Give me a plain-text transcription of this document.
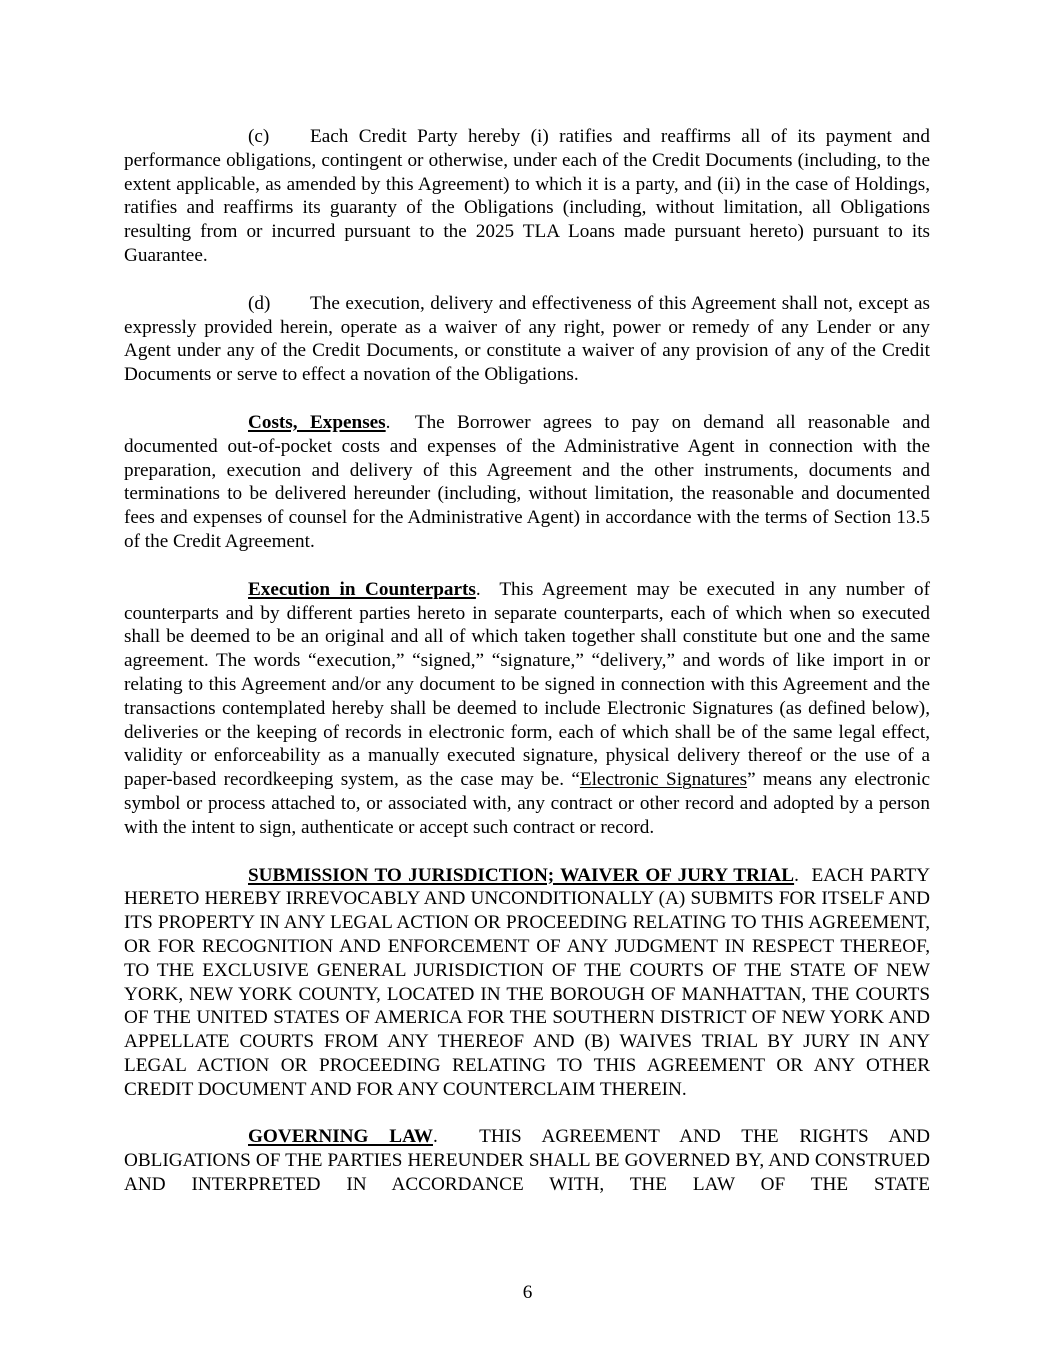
(c) Each Credit Party hereby (i) ratifies and reaffirms all of its payment and performance obligations, contingent or otherwise, under each of the Credit Documents (including, to the extent applicable, as amended by this Agreement) to which it is a party, and (ii) in the case of Holdings, ratifies and reaffirms its guaranty of the Obligations (including, without limitation, all Obligations resulting from or incurred pursuant to the 2025 TLA Loans made pursuant hereto) pursuant to its Guarantee.

(d) The execution, delivery and effectiveness of this Agreement shall not, except as expressly provided herein, operate as a waiver of any right, power or remedy of any Lender or any Agent under any of the Credit Documents, or constitute a waiver of any provision of any of the Credit Documents or serve to effect a novation of the Obligations.

Costs, Expenses. The Borrower agrees to pay on demand all reasonable and documented out-of-pocket costs and expenses of the Administrative Agent in connection with the preparation, execution and delivery of this Agreement and the other instruments, documents and terminations to be delivered hereunder (including, without limitation, the reasonable and documented fees and expenses of counsel for the Administrative Agent) in accordance with the terms of Section 13.5 of the Credit Agreement.

Execution in Counterparts. This Agreement may be executed in any number of counterparts and by different parties hereto in separate counterparts, each of which when so executed shall be deemed to be an original and all of which taken together shall constitute but one and the same agreement. The words “execution,” “signed,” “signature,” “delivery,” and words of like import in or relating to this Agreement and/or any document to be signed in connection with this Agreement and the transactions contemplated hereby shall be deemed to include Electronic Signatures (as defined below), deliveries or the keeping of records in electronic form, each of which shall be of the same legal effect, validity or enforceability as a manually executed signature, physical delivery thereof or the use of a paper-based recordkeeping system, as the case may be. “Electronic Signatures” means any electronic symbol or process attached to, or associated with, any contract or other record and adopted by a person with the intent to sign, authenticate or accept such contract or record.

SUBMISSION TO JURISDICTION; WAIVER OF JURY TRIAL. EACH PARTY HERETO HEREBY IRREVOCABLY AND UNCONDITIONALLY (A) SUBMITS FOR ITSELF AND ITS PROPERTY IN ANY LEGAL ACTION OR PROCEEDING RELATING TO THIS AGREEMENT, OR FOR RECOGNITION AND ENFORCEMENT OF ANY JUDGMENT IN RESPECT THEREOF, TO THE EXCLUSIVE GENERAL JURISDICTION OF THE COURTS OF THE STATE OF NEW YORK, NEW YORK COUNTY, LOCATED IN THE BOROUGH OF MANHATTAN, THE COURTS OF THE UNITED STATES OF AMERICA FOR THE SOUTHERN DISTRICT OF NEW YORK AND APPELLATE COURTS FROM ANY THEREOF AND (B) WAIVES TRIAL BY JURY IN ANY LEGAL ACTION OR PROCEEDING RELATING TO THIS AGREEMENT OR ANY OTHER CREDIT DOCUMENT AND FOR ANY COUNTERCLAIM THEREIN.

GOVERNING LAW. THIS AGREEMENT AND THE RIGHTS AND OBLIGATIONS OF THE PARTIES HEREUNDER SHALL BE GOVERNED BY, AND CONSTRUED AND INTERPRETED IN ACCORDANCE WITH, THE LAW OF THE STATE

6
